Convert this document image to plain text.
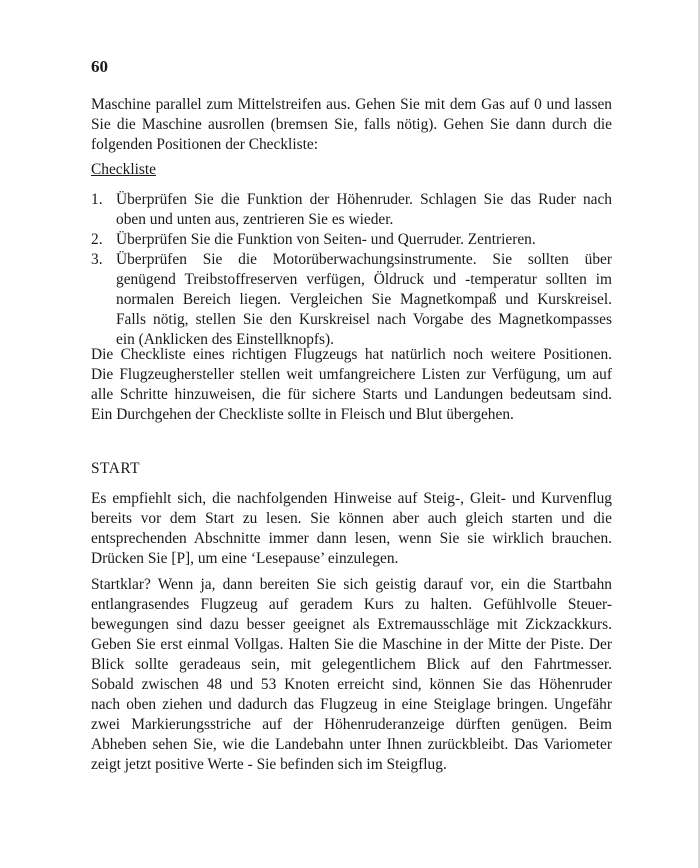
60
Maschine parallel zum Mittelstreifen aus. Gehen Sie mit dem Gas auf 0 und lassen
Sie die Maschine ausrollen (bremsen Sie, falls nötig). Gehen Sie dann durch die
folgenden Positionen der Checkliste:
Checkliste
1. Überprüfen Sie die Funktion der Höhenruder. Schlagen Sie das Ruder nach
oben und unten aus, zentrieren Sie es wieder.
2. Überprüfen Sie die Funktion von Seiten- und Querruder. Zentrieren.
3. Überprüfen Sie die Motorüberwachungsinstrumente. Sie sollten über
genügend Treibstoffreserven verfügen, Öldruck und -temperatur sollten im
normalen Bereich liegen. Vergleichen Sie Magnetkompaß und Kurskreisel.
Falls nötig, stellen Sie den Kurskreisel nach Vorgabe des Magnetkompasses
ein (Anklicken des Einstellknopfs).
Die Checkliste eines richtigen Flugzeugs hat natürlich noch weitere Positionen.
Die Flugzeughersteller stellen weit umfangreichere Listen zur Verfügung, um auf
alle Schritte hinzuweisen, die für sichere Starts und Landungen bedeutsam sind.
Ein Durchgehen der Checkliste sollte in Fleisch und Blut übergehen.
START
Es empfiehlt sich, die nachfolgenden Hinweise auf Steig-, Gleit- und Kurvenflug
bereits vor dem Start zu lesen. Sie können aber auch gleich starten und die
entsprechenden Abschnitte immer dann lesen, wenn Sie sie wirklich brauchen.
Drücken Sie [P], um eine ‘Lesepause’ einzulegen.
Startklar? Wenn ja, dann bereiten Sie sich geistig darauf vor, ein die Startbahn
entlangrasendes Flugzeug auf geradem Kurs zu halten. Gefühlvolle Steuer-
bewegungen sind dazu besser geeignet als Extremausschläge mit Zickzackkurs.
Geben Sie erst einmal Vollgas. Halten Sie die Maschine in der Mitte der Piste. Der
Blick sollte geradeaus sein, mit gelegentlichem Blick auf den Fahrtmesser.
Sobald zwischen 48 und 53 Knoten erreicht sind, können Sie das Höhenruder
nach oben ziehen und dadurch das Flugzeug in eine Steiglage bringen. Ungefähr
zwei Markierungsstriche auf der Höhenruderanzeige dürften genügen. Beim
Abheben sehen Sie, wie die Landebahn unter Ihnen zurückbleibt. Das Variometer
zeigt jetzt positive Werte - Sie befinden sich im Steigflug.
